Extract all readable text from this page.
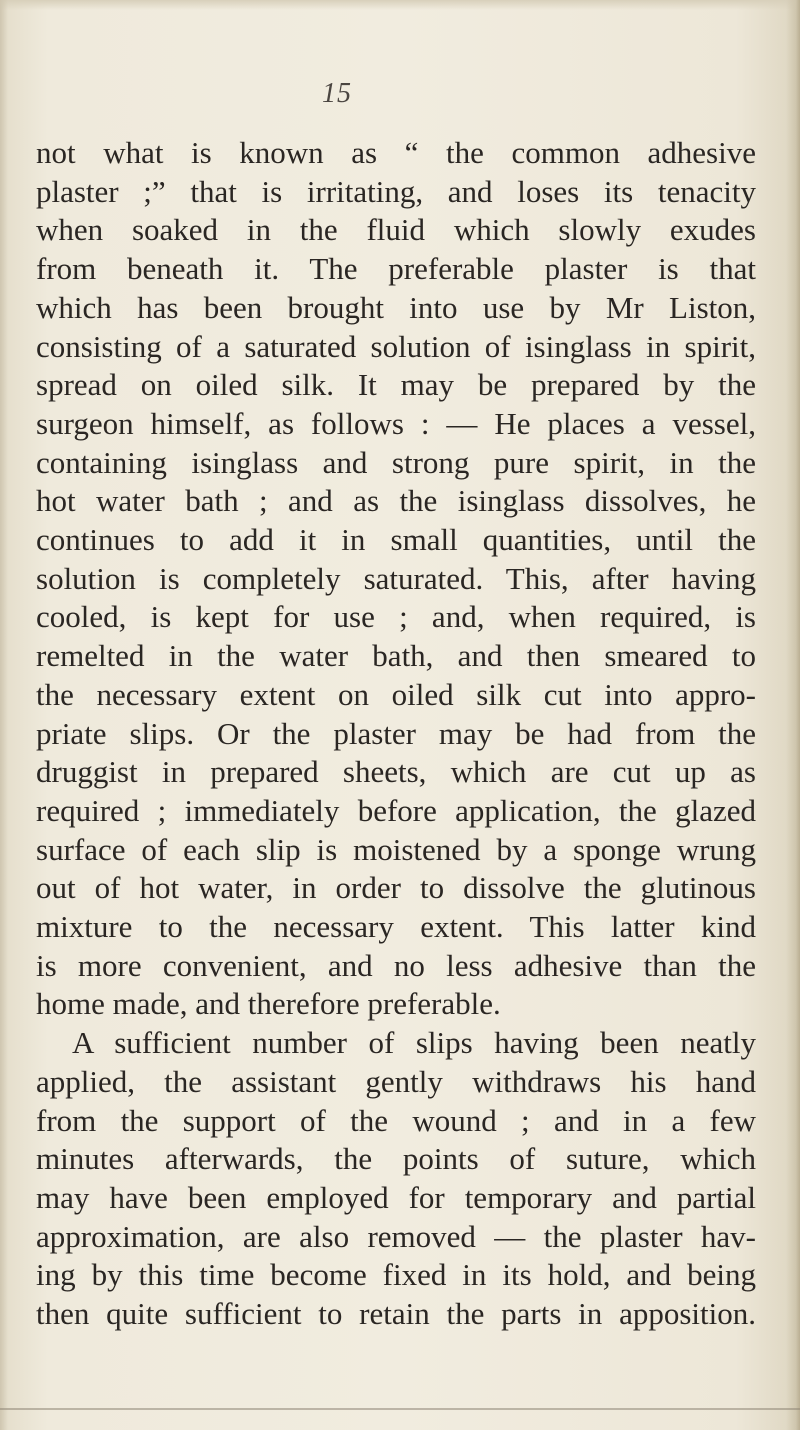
15
not what is known as “ the common adhesive
plaster ;” that is irritating, and loses its tenacity
when soaked in the fluid which slowly exudes
from beneath it. The preferable plaster is that
which has been brought into use by Mr Liston,
consisting of a saturated solution of isinglass in spirit,
spread on oiled silk. It may be prepared by the
surgeon himself, as follows : — He places a vessel,
containing isinglass and strong pure spirit, in the
hot water bath ; and as the isinglass dissolves, he
continues to add it in small quantities, until the
solution is completely saturated. This, after having
cooled, is kept for use ; and, when required, is
remelted in the water bath, and then smeared to
the necessary extent on oiled silk cut into appro-
priate slips. Or the plaster may be had from the
druggist in prepared sheets, which are cut up as
required ; immediately before application, the glazed
surface of each slip is moistened by a sponge wrung
out of hot water, in order to dissolve the glutinous
mixture to the necessary extent. This latter kind
is more convenient, and no less adhesive than the
home made, and therefore preferable.
A sufficient number of slips having been neatly
applied, the assistant gently withdraws his hand
from the support of the wound ; and in a few
minutes afterwards, the points of suture, which
may have been employed for temporary and partial
approximation, are also removed — the plaster hav-
ing by this time become fixed in its hold, and being
then quite sufficient to retain the parts in apposition.
